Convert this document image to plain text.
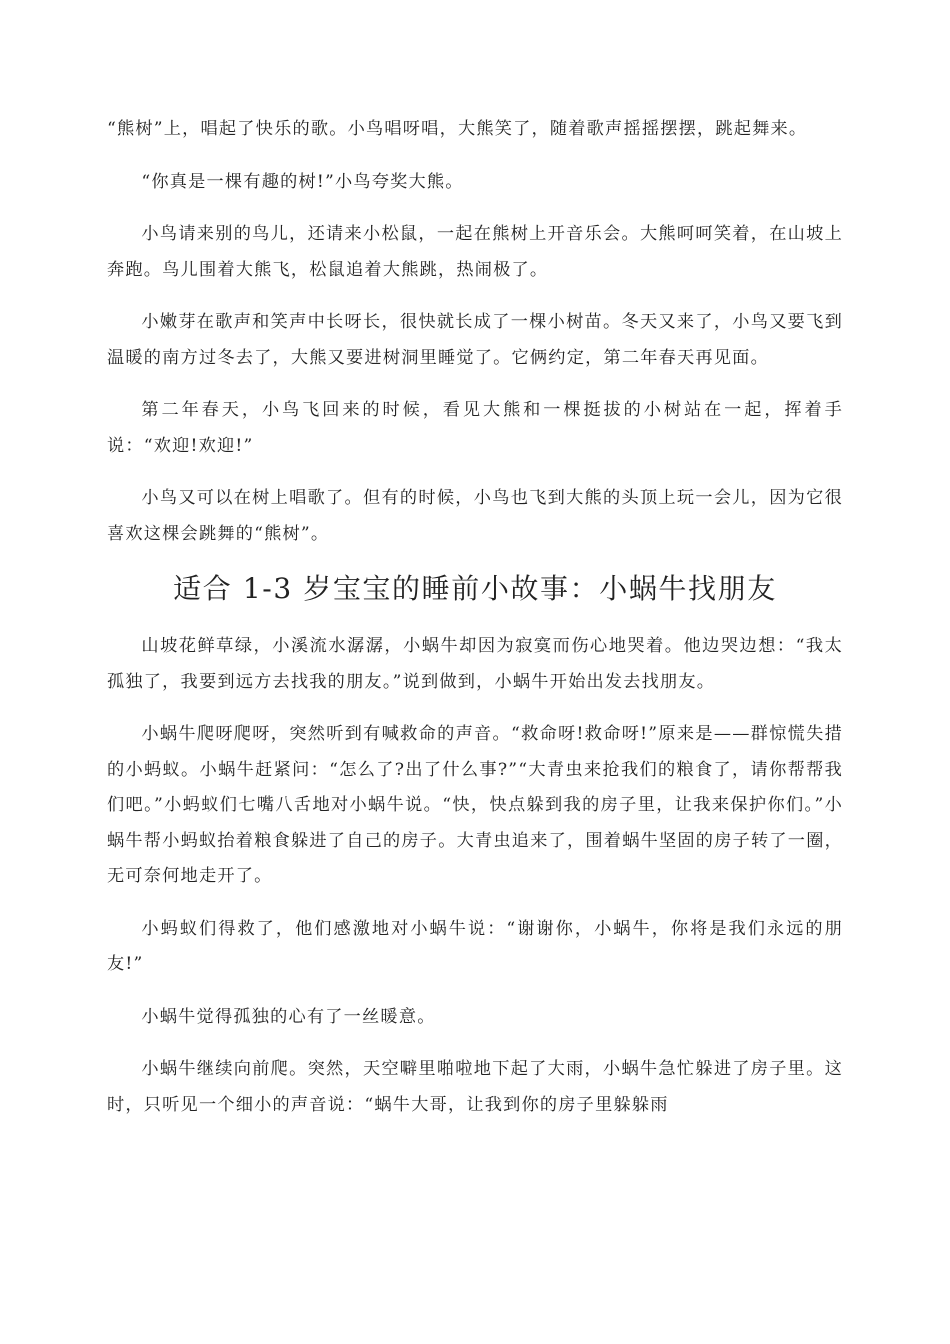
“熊树”上，唱起了快乐的歌。小鸟唱呀唱，大熊笑了，随着歌声摇摇摆摆，跳起舞来。

“你真是一棵有趣的树!”小鸟夸奖大熊。

小鸟请来别的鸟儿，还请来小松鼠，一起在熊树上开音乐会。大熊呵呵笑着，在山坡上奔跑。鸟儿围着大熊飞，松鼠追着大熊跳，热闹极了。

小嫩芽在歌声和笑声中长呀长，很快就长成了一棵小树苗。冬天又来了，小鸟又要飞到温暖的南方过冬去了，大熊又要进树洞里睡觉了。它俩约定，第二年春天再见面。

第二年春天，小鸟飞回来的时候，看见大熊和一棵挺拔的小树站在一起，挥着手说：“欢迎!欢迎!”

小鸟又可以在树上唱歌了。但有的时候，小鸟也飞到大熊的头顶上玩一会儿，因为它很喜欢这棵会跳舞的“熊树”。

适合 1-3 岁宝宝的睡前小故事：小蜗牛找朋友

山坡花鲜草绿，小溪流水潺潺，小蜗牛却因为寂寞而伤心地哭着。他边哭边想：“我太孤独了，我要到远方去找我的朋友。”说到做到，小蜗牛开始出发去找朋友。

小蜗牛爬呀爬呀，突然听到有喊救命的声音。“救命呀!救命呀!”原来是——群惊慌失措的小蚂蚁。小蜗牛赶紧问：“怎么了?出了什么事?”“大青虫来抢我们的粮食了，请你帮帮我们吧。”小蚂蚁们七嘴八舌地对小蜗牛说。“快，快点躲到我的房子里，让我来保护你们。”小蜗牛帮小蚂蚁抬着粮食躲进了自己的房子。大青虫追来了，围着蜗牛坚固的房子转了一圈，无可奈何地走开了。

小蚂蚁们得救了，他们感激地对小蜗牛说：“谢谢你，小蜗牛，你将是我们永远的朋友!”

小蜗牛觉得孤独的心有了一丝暖意。

小蜗牛继续向前爬。突然，天空噼里啪啦地下起了大雨，小蜗牛急忙躲进了房子里。这时，只听见一个细小的声音说：“蜗牛大哥，让我到你的房子里躲躲雨
